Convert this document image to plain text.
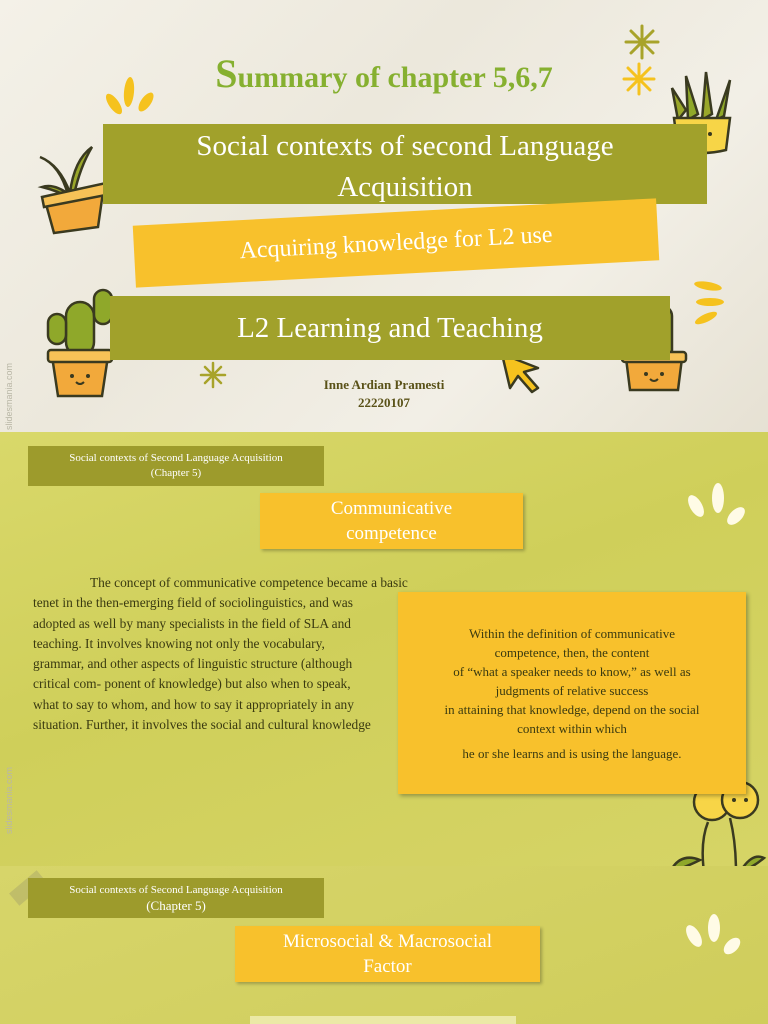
Summary of chapter 5,6,7
Social contexts of second Language
Acquisition
Acquiring knowledge for L2 use
L2 Learning and Teaching
Inne Ardian Pramesti
22220107
slidesmania.com
Social contexts of Second Language Acquisition
(Chapter 5)
Communicative
competence

The concept of communicative competence became a basic
tenet in the then-emerging field of sociolinguistics, and was
adopted as well by many specialists in the field of SLA and
teaching. It involves knowing not only the vocabulary,
grammar, and other aspects of linguistic structure (although
critical com- ponent of knowledge) but also when to speak,
what to say to whom, and how to say it appropriately in any
situation. Further, it involves the social and cultural knowledge

Within the definition of communicative
competence, then, the content
of “what a speaker needs to know,” as well as
judgments of relative success
in attaining that knowledge, depend on the social
context within which
he or she learns and is using the language.
slidesmania.com
Social contexts of Second Language Acquisition
(Chapter 5)
Microsocial & Macrosocial
Factor
